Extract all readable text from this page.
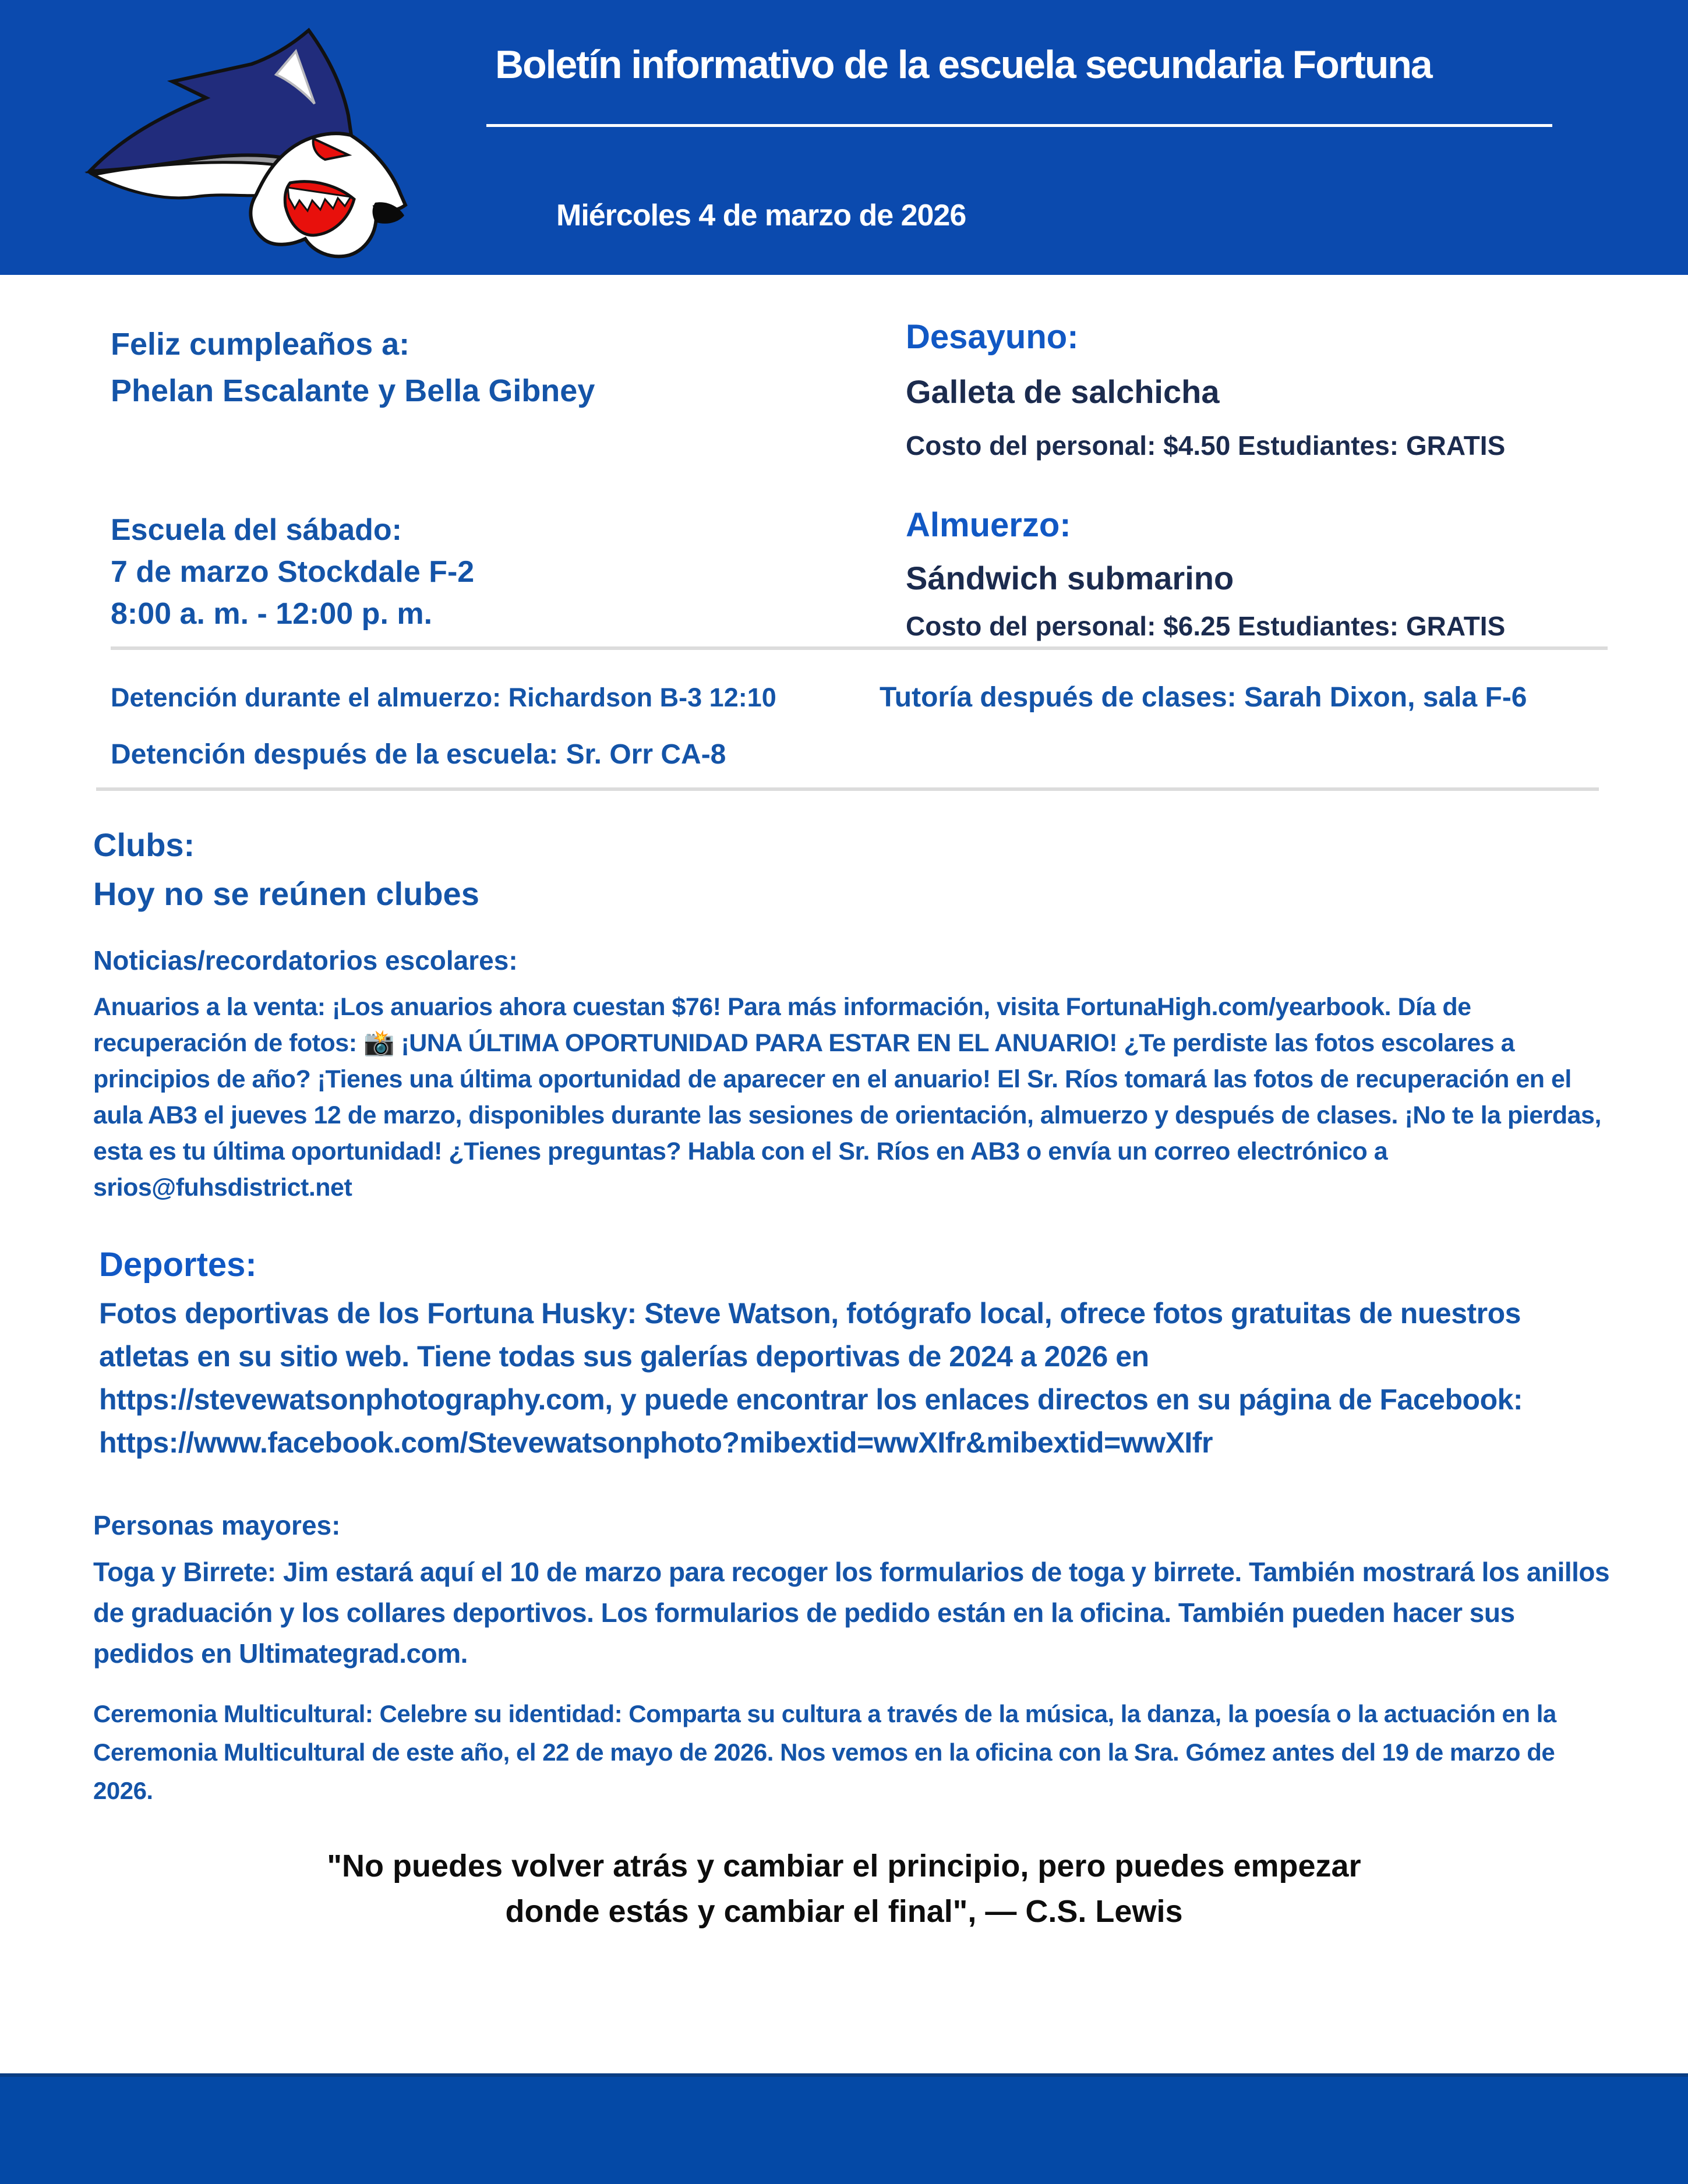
Boletín informativo de la escuela secundaria Fortuna
Miércoles 4 de marzo de 2026
Feliz cumpleaños a:
Phelan Escalante y Bella Gibney
Desayuno:
Galleta de salchicha
Costo del personal: $4.50 Estudiantes: GRATIS
Escuela del sábado:
7 de marzo Stockdale F-2
8:00 a. m. - 12:00 p. m.
Almuerzo:
Sándwich submarino
Costo del personal: $6.25 Estudiantes: GRATIS
Detención durante el almuerzo: Richardson B-3 12:10	Tutoría después de clases: Sarah Dixon, sala F-6
Detención después de la escuela: Sr. Orr CA-8
Clubs:
Hoy no se reúnen clubes
Noticias/recordatorios escolares:
Anuarios a la venta: ¡Los anuarios ahora cuestan $76! Para más información, visita FortunaHigh.com/yearbook. Día de recuperación de fotos: 📸 ¡UNA ÚLTIMA OPORTUNIDAD PARA ESTAR EN EL ANUARIO! ¿Te perdiste las fotos escolares a principios de año? ¡Tienes una última oportunidad de aparecer en el anuario! El Sr. Ríos tomará las fotos de recuperación en el aula AB3 el jueves 12 de marzo, disponibles durante las sesiones de orientación, almuerzo y después de clases. ¡No te la pierdas, esta es tu última oportunidad! ¿Tienes preguntas? Habla con el Sr. Ríos en AB3 o envía un correo electrónico a srios@fuhsdistrict.net
Deportes:
Fotos deportivas de los Fortuna Husky: Steve Watson, fotógrafo local, ofrece fotos gratuitas de nuestros atletas en su sitio web. Tiene todas sus galerías deportivas de 2024 a 2026 en https://stevewatsonphotography.com, y puede encontrar los enlaces directos en su página de Facebook: https://www.facebook.com/Stevewatsonphoto?mibextid=wwXIfr&mibextid=wwXIfr
Personas mayores:
Toga y Birrete: Jim estará aquí el 10 de marzo para recoger los formularios de toga y birrete. También mostrará los anillos de graduación y los collares deportivos. Los formularios de pedido están en la oficina. También pueden hacer sus pedidos en Ultimategrad.com.
Ceremonia Multicultural: Celebre su identidad: Comparta su cultura a través de la música, la danza, la poesía o la actuación en la Ceremonia Multicultural de este año, el 22 de mayo de 2026. Nos vemos en la oficina con la Sra. Gómez antes del 19 de marzo de 2026.
"No puedes volver atrás y cambiar el principio, pero puedes empezar donde estás y cambiar el final", — C.S. Lewis
